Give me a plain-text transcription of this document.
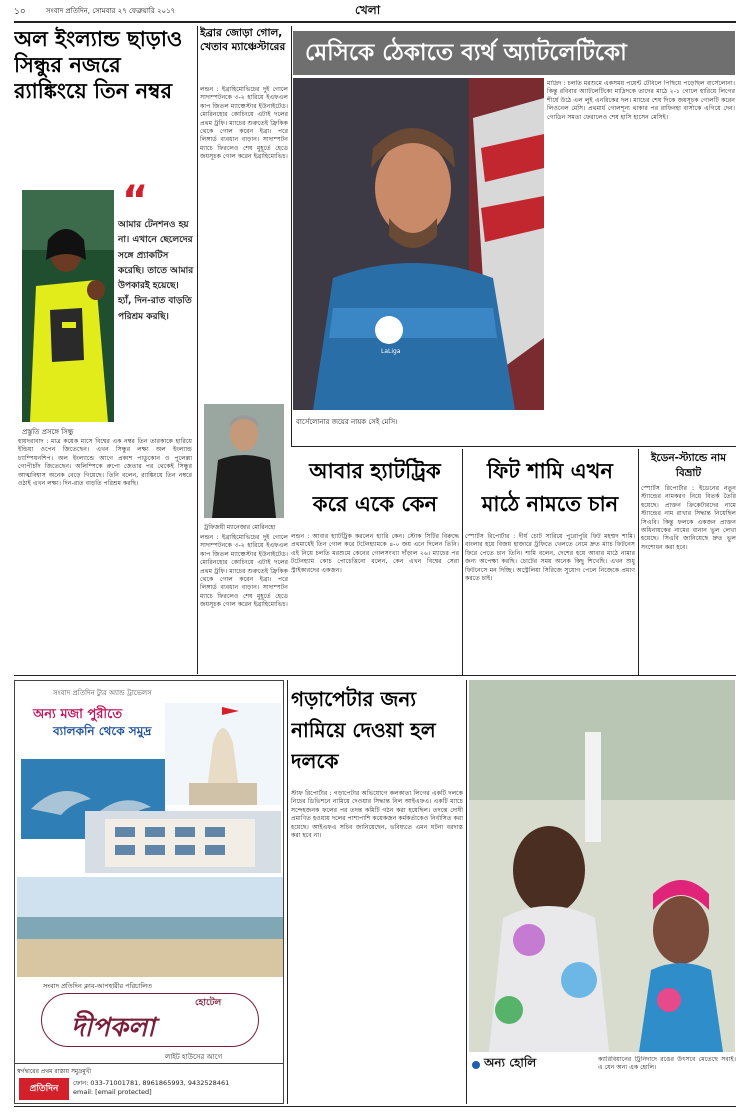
১০	সংবাদ প্রতিদিন, সোমবার ২৭ ফেব্রুয়ারি ২০১৭	খেলা
অল ইংল্যান্ড ছাড়াও সিন্ধুর নজরে র‌্যাঙ্কিংয়ে তিন নম্বর
“
আমার টেনশনও হয় না। এখানে ছেলেদের সঙ্গে প্র্যাকটিস করেছি। তাতে আমার উপকারই হয়েছে। হ্যাঁ, দিন-রাত বাড়তি পরিশ্রম করছি।
প্রস্তুতি প্রসঙ্গে সিন্ধু
হায়দরাবাদ : মাত্র কয়েক মাসে বিশ্বের এক নম্বর তিন তারকাকে হারিয়ে ইন্ডিয়া ওপেন জিতেছেন। এখন সিন্ধুর লক্ষ্য অল ইংল্যান্ড চ্যাম্পিয়নশিপ। অল ইংল্যান্ডে আগে প্রকাশ পাডুকোন ও পুলেল্লা গোপীচাঁদ জিতেছেন। অলিম্পিকে রুপো জেতার পর থেকেই সিন্ধুর আত্মবিশ্বাস অনেক বেড়ে গিয়েছে। তিনি বলেন, র‌্যাঙ্কিংয়ে তিন নম্বরে ওঠাই এখন লক্ষ্য। দিন-রাত বাড়তি পরিশ্রম করছি।
ইব্রার জোড়া গোল, খেতাব ম্যাঞ্চেস্টারের
লন্ডন : ইব্রাহিমোভিচের দুই গোলে সাদাম্পটনকে ৩-২ হারিয়ে ইএফএল কাপ জিতল ম্যাঞ্চেস্টার ইউনাইটেড। মোরিনহোর কোচিংয়ে এটাই দলের প্রথম ট্রফি। ম্যাচের শুরুতেই ফ্রিকিক থেকে গোল করেন ইব্রা। পরে লিঙ্গার্ড ব্যবধান বাড়ান। সাদাম্পটন ম্যাচে ফিরলেও শেষ মুহূর্তে হেডে জয়সূচক গোল করেন ইব্রাহিমোভিচ।
ট্রফিজয়ী ম্যানেজার মোরিনহো
লন্ডন : ইব্রাহিমোভিচের দুই গোলে সাদাম্পটনকে ৩-২ হারিয়ে ইএফএল কাপ জিতল ম্যাঞ্চেস্টার ইউনাইটেড। মোরিনহোর কোচিংয়ে এটাই দলের প্রথম ট্রফি। ম্যাচের শুরুতেই ফ্রিকিক থেকে গোল করেন ইব্রা। পরে লিঙ্গার্ড ব্যবধান বাড়ান। সাদাম্পটন ম্যাচে ফিরলেও শেষ মুহূর্তে হেডে জয়সূচক গোল করেন ইব্রাহিমোভিচ।
মেসিকে ঠেকাতে ব্যর্থ অ্যাটলেটিকো
LaLiga
বার্সেলোনার জয়ের নায়ক সেই মেসি।
মাদ্রিদ : চলতি মরশুমে একসময় পয়েন্ট টেবিলে পিছিয়ে পড়েছিল বার্সেলোনা। কিন্তু রবিবার অ্যাটলেটিকো মাদ্রিদকে তাদের মাঠে ২-১ গোলে হারিয়ে লিগের শীর্ষে উঠে এল লুই এনরিকের দল। ম্যাচের শেষ দিকে জয়সূচক গোলটি করেন লিওনেল মেসি। প্রথমার্ধ গোলশূন্য থাকার পর রাফিনহা বার্সাকে এগিয়ে দেন। গোডিন সমতা ফেরালেও শেষ হাসি হাসেন মেসিই।
আবার হ্যাটট্রিক করে একে কেন
লন্ডন : আবার হ্যাটট্রিক করলেন হ্যারি কেন। স্টোক সিটির বিরুদ্ধে প্রথমার্ধেই তিন গোল করে টটেনহ্যামকে ৪-০ জয় এনে দিলেন তিনি। এই নিয়ে চলতি মরশুমে কেনের গোলসংখ্যা দাঁড়াল ২৬। ম্যাচের পর টটেনহ্যাম কোচ পোচেত্তিনো বলেন, কেন এখন বিশ্বের সেরা স্ট্রাইকারদের একজন।
ফিট শামি এখন মাঠে নামতে চান
স্পোর্টস রিপোর্টার : দীর্ঘ চোট সারিয়ে পুরোপুরি ফিট মহম্মদ শামি। বাংলার হয়ে বিজয় হাজারে ট্রফিতে খেলতে নেমে দ্রুত ম্যাচ ফিটনেস ফিরে পেতে চান তিনি। শামি বলেন, দেশের হয়ে আবার মাঠে নামার জন্য অপেক্ষা করছি। চোটের সময় অনেক কিছু শিখেছি। এখন শুধু ফিটনেসে মন দিচ্ছি। অস্ট্রেলিয়া সিরিজে সুযোগ পেলে নিজেকে প্রমাণ করতে চাই।
ইডেন-স্ট্যান্ডে নাম বিভ্রাট
স্পোর্টস রিপোর্টার : ইডেনের নতুন স্ট্যান্ডের নামকরণ নিয়ে বিতর্ক তৈরি হয়েছে। প্রাক্তন ক্রিকেটারদের নামে স্ট্যান্ডের নাম রাখার সিদ্ধান্ত নিয়েছিল সিএবি। কিন্তু ফলকে একজন প্রাক্তন অধিনায়কের নামের বানান ভুল লেখা হয়েছে। সিএবি জানিয়েছে দ্রুত ভুল সংশোধন করা হবে।
সংবাদ প্রতিদিন ট্যুর অ্যান্ড ট্রাভেলস
অন্য মজা পুরীতে
ব্যালকনি থেকে সমুদ্র
সংবাদ প্রতিদিন ক্লাব-আপহারীর পরিচালিত
হোটেল
দীপকলা
লাইট হাউসের আগে
স্বর্গদ্বারের প্রথম রাস্তায় সমুদ্রমুখী
প্রতিদিন
ফোন: 033-71001781, 8961865993, 9432528461
email: [email protected]
গড়াপেটার জন্য নামিয়ে দেওয়া হল দলকে
স্টাফ রিপোর্টার : গড়াপেটার অভিযোগে কলকাতা লিগের একটি দলকে নিচের ডিভিশনে নামিয়ে দেওয়ার সিদ্ধান্ত নিল আইএফএ। একটি ম্যাচে সন্দেহজনক ফলের পর তদন্ত কমিটি গঠন করা হয়েছিল। তদন্তে দোষী প্রমাণিত হওয়ায় দলের পাশাপাশি কয়েকজন কর্মকর্তাকেও নির্বাসিত করা হয়েছে। আইএফএ সচিব জানিয়েছেন, ভবিষ্যতে এমন ঘটনা বরদাস্ত করা হবে না।
অন্য হোলি	ক্যারিবিয়ানের ট্রিনিদাদে রঙের উৎসবে মেতেছে সবাই। এ যেন অন্য এক হোলি।
